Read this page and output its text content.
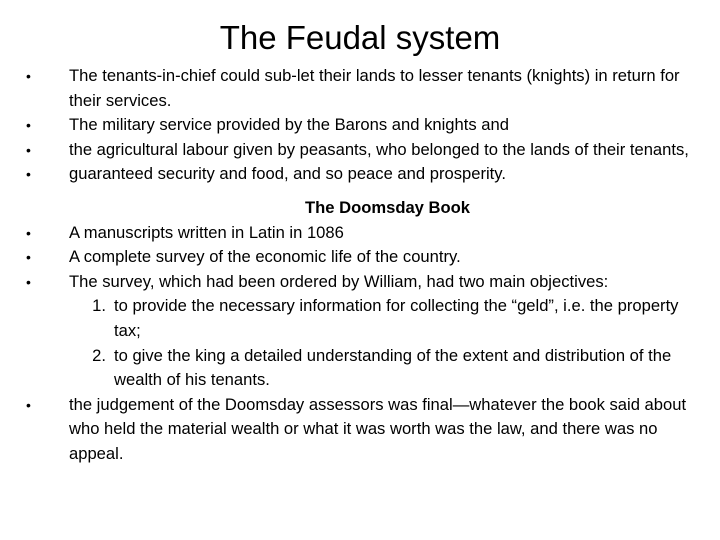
The Feudal system
•	The tenants-in-chief could sub-let their lands to lesser tenants (knights) in return for their services.
•	The military service provided by the Barons and knights and
•	the agricultural labour given by peasants, who belonged to the lands of their tenants,
•	guaranteed security and food, and so peace and prosperity.
The Doomsday Book
•	A manuscripts written in Latin in 1086
•	A complete survey of the economic life of the country.
•	The survey, which had been ordered by William, had two main objectives:
1. to provide the necessary information for collecting the “geld”, i.e. the property tax;
2. to give the king a detailed understanding of the extent and distribution of the wealth of his tenants.
•	the judgement of the Doomsday assessors was final—whatever the book said about who held the material wealth or what it was worth was the law, and there was no appeal.
